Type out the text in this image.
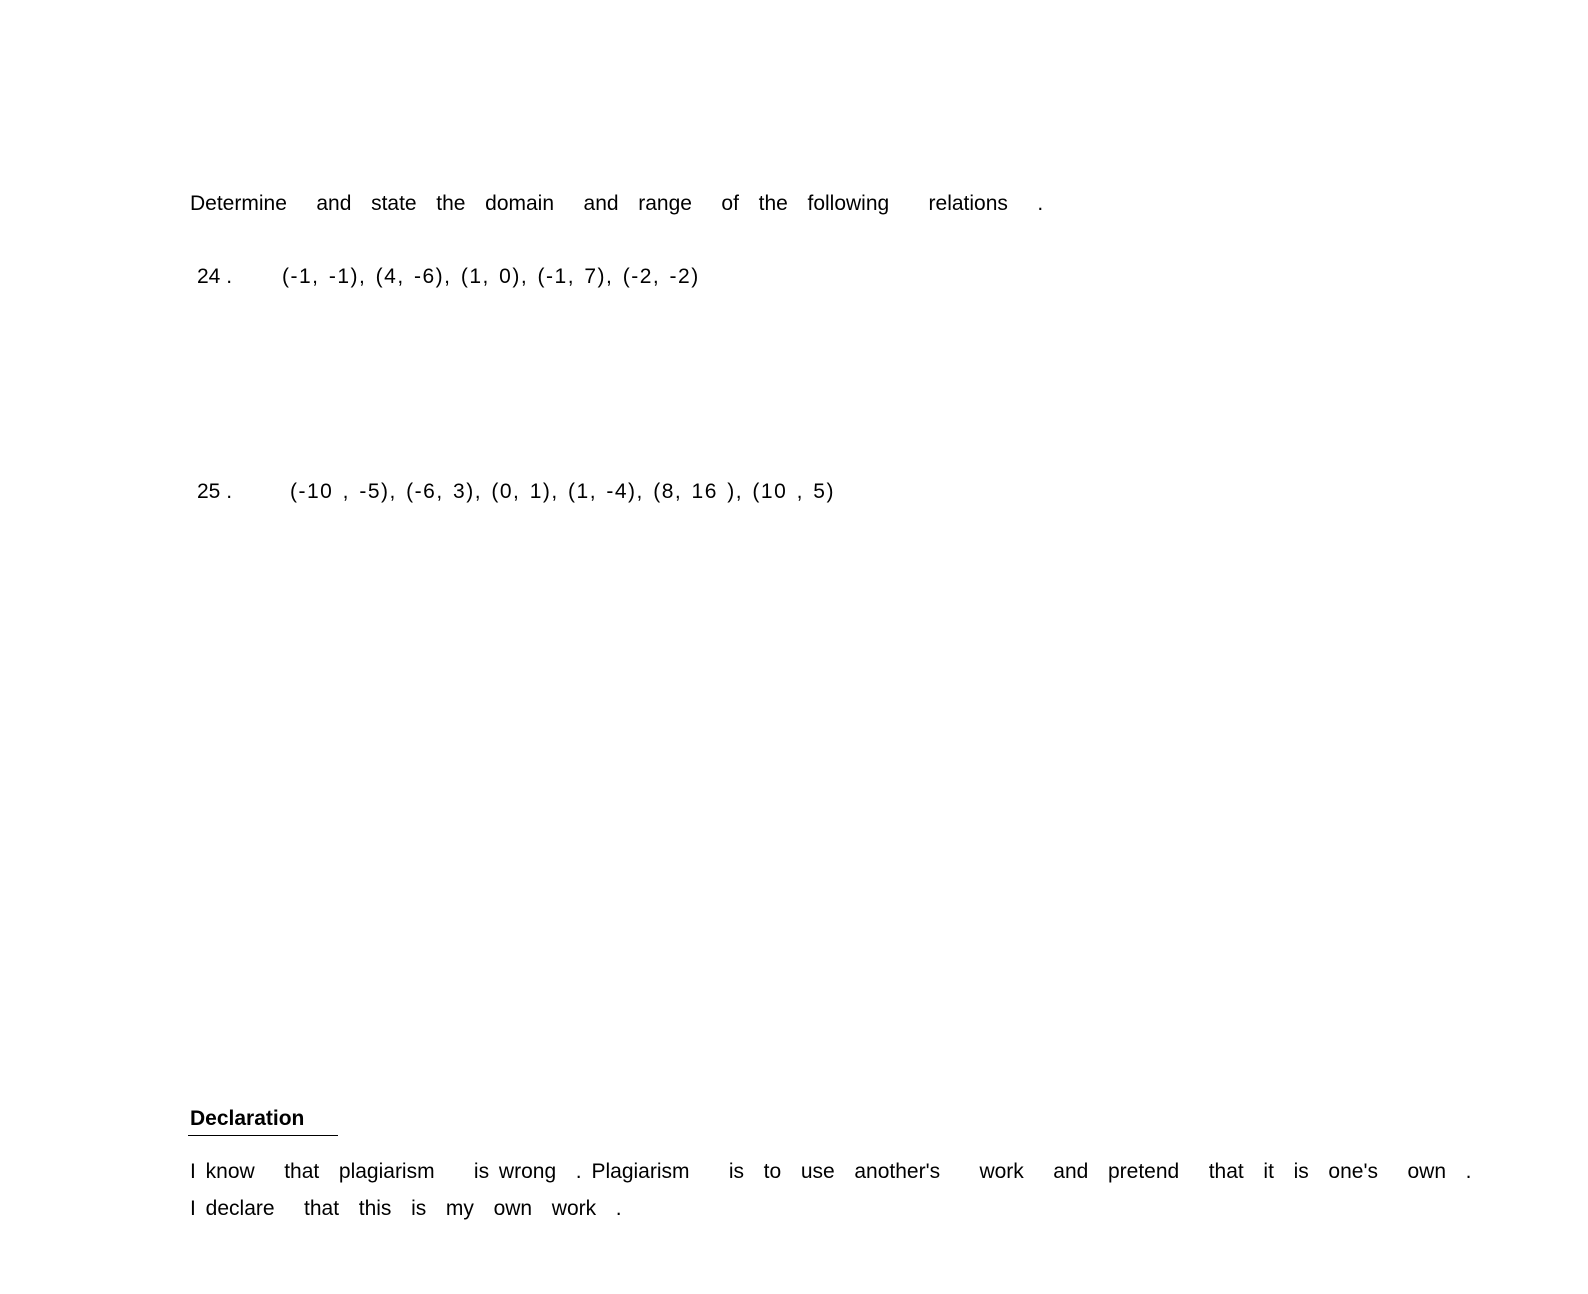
Determine   and  state  the  domain   and  range   of  the  following    relations   .
24 . (-1, -1), (4, -6), (1, 0), (-1, 7), (-2, -2)
25 .	(-10 , -5), (-6, 3), (0, 1), (1, -4), (8, 16 ), (10 , 5)
Declaration
I know   that  plagiarism    is wrong  . Plagiarism    is  to  use  another's    work   and  pretend   that  it  is  one's   own  .
I declare   that  this  is  my  own  work  .
